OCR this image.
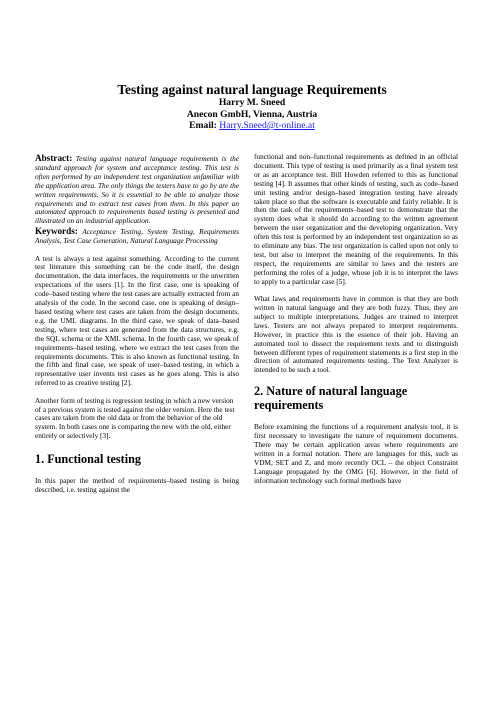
Testing against natural language Requirements
Harry M. Sneed
Anecon GmbH, Vienna, Austria
Email: Harry.Sneed@t-online.at

Abstract: Testing against natural language requirements is the standard approach for system and acceptance testing. This test is often performed by an independent test organization unfamiliar with the application area. The only things the testers have to go by are the written requirements. So it is essential to be able to analyze those requirements and to extract test cases from them. In this paper an automated approach to requirements based testing is presented and illustrated on an industrial application.

Keywords: Acceptance Testing, System Testing, Requirements Analysis, Test Case Generation, Natural Language Processing

A test is always a test against something. According to the current test literature this something can be the code itself, the design documentation, the data interfaces, the requirements or the unwritten expectations of the users [1]. In the first case, one is speaking of code–based testing where the test cases are actually extracted from an analysis of the code. In the second case, one is speaking of design–based testing where test cases are taken from the design documents, e.g. the UML diagrams. In the third case, we speak of data–based testing, where test cases are generated from the data structures, e.g. the SQL schema or the XML schema. In the fourth case, we speak of requirements–based testing, where we extract the test cases from the requirements documents. This is also known as functional testing. In the fifth and final case, we speak of user–based testing, in which a representative user invents test cases as he goes along. This is also referred to as creative testing [2].

Another form of testing is regression testing in which a new version of a previous system is tested against the older version. Here the test cases are taken from the old data or from the behavior of the old system. In both cases one is comparing the new with the old, either entirely or selectively [3].

1. Functional testing

In this paper the method of requirements–based testing is being described, i.e. testing against the

functional and non–functional requirements as defined in an official document. This type of testing is used primarily as a final system test or as an acceptance test. Bill Howden referred to this as functional testing [4]. It assumes that other kinds of testing, such as code–based unit testing and/or design–based integration testing have already taken place so that the software is executable and fairly reliable. It is then the task of the requirements–based test to demonstrate that the system does what it should do according to the written agreement between the user organization and the developing organization. Very often this test is performed by an independent test organization so as to eliminate any bias. The test organization is called upon not only to test, but also to interpret the meaning of the requirements. In this respect, the requirements are similar to laws and the testers are performing the roles of a judge, whose job it is to interpret the laws to apply to a particular case [5].

What laws and requirements have in common is that they are both written in natural language and they are both fuzzy. Thus, they are subject to multiple interpretations. Judges are trained to interpret laws. Testers are not always prepared to interpret requirements. However, in practice this is the essence of their job. Having an automated tool to dissect the requirement texts and to distinguish between different types of requirement statements is a first step in the direction of automated requirements testing. The Text Analyzer is intended to be such a tool.

2. Nature of natural language requirements

Before examining the functions of a requirement analysis tool, it is first necessary to investigate the nature of requirement documents. There may be certain application areas where requirements are written in a formal notation. There are languages for this, such as VDM, SET and Z, and more recently OCL – the object Constraint Language propagated by the OMG [6]. However, in the field of information technology such formal methods have
